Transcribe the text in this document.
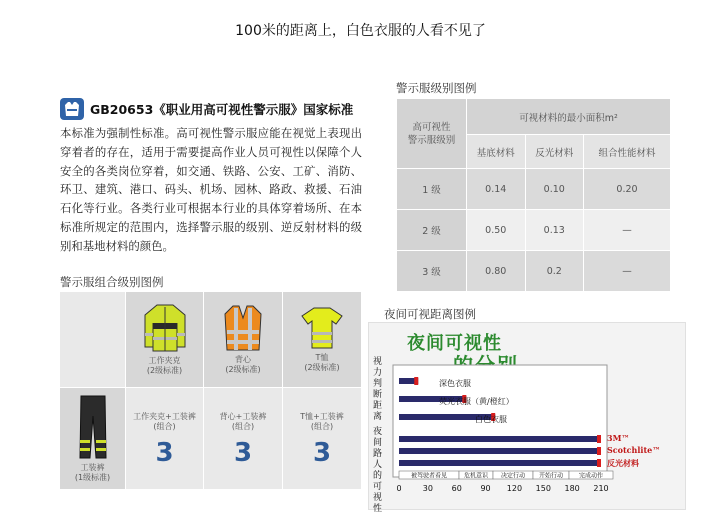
100米的距离上，白色衣服的人看不见了
GB20653《职业用高可视性警示服》国家标准
本标准为强制性标准。高可视性警示服应能在视觉上表现出穿着者的存在，适用于需要提高作业人员可视性以保障个人安全的各类岗位穿着，如交通、铁路、公安、工矿、消防、环卫、建筑、港口、码头、机场、园林、路政、救援、石油石化等行业。各类行业可根据本行业的具体穿着场所、在本标准所规定的范围内，选择警示服的级别、逆反射材料的级别和基地材料的颜色。
警示服组合级别图例
工作夹克
(2级标准)
背心
(2级标准)
T恤
(2级标准)
工装裤
(1级标准)
工作夹克+工装裤
(组合)
3
背心+工装裤
(组合)
3
T恤+工装裤
(组合)
3
警示服级别图例
高可视性
警示服级别	可视材料的最小面积m²		
	基底材料	反光材料	组合性能材料
1 级	0.14	0.10	0.20
2 级	0.50	0.13	—
3 级	0.80	0.2	—
夜间可视距离图例
夜间可视性
视力判断距离
夜间路人的可视性
深色衣服
荧光衣服（黄/橙红）
白色衣服
3M™
Scotchlite™
反光材料
被驾驶者看见	危机意识 决定行动 开始行动	完成动作
0	30 60 90 120 150 180 210
